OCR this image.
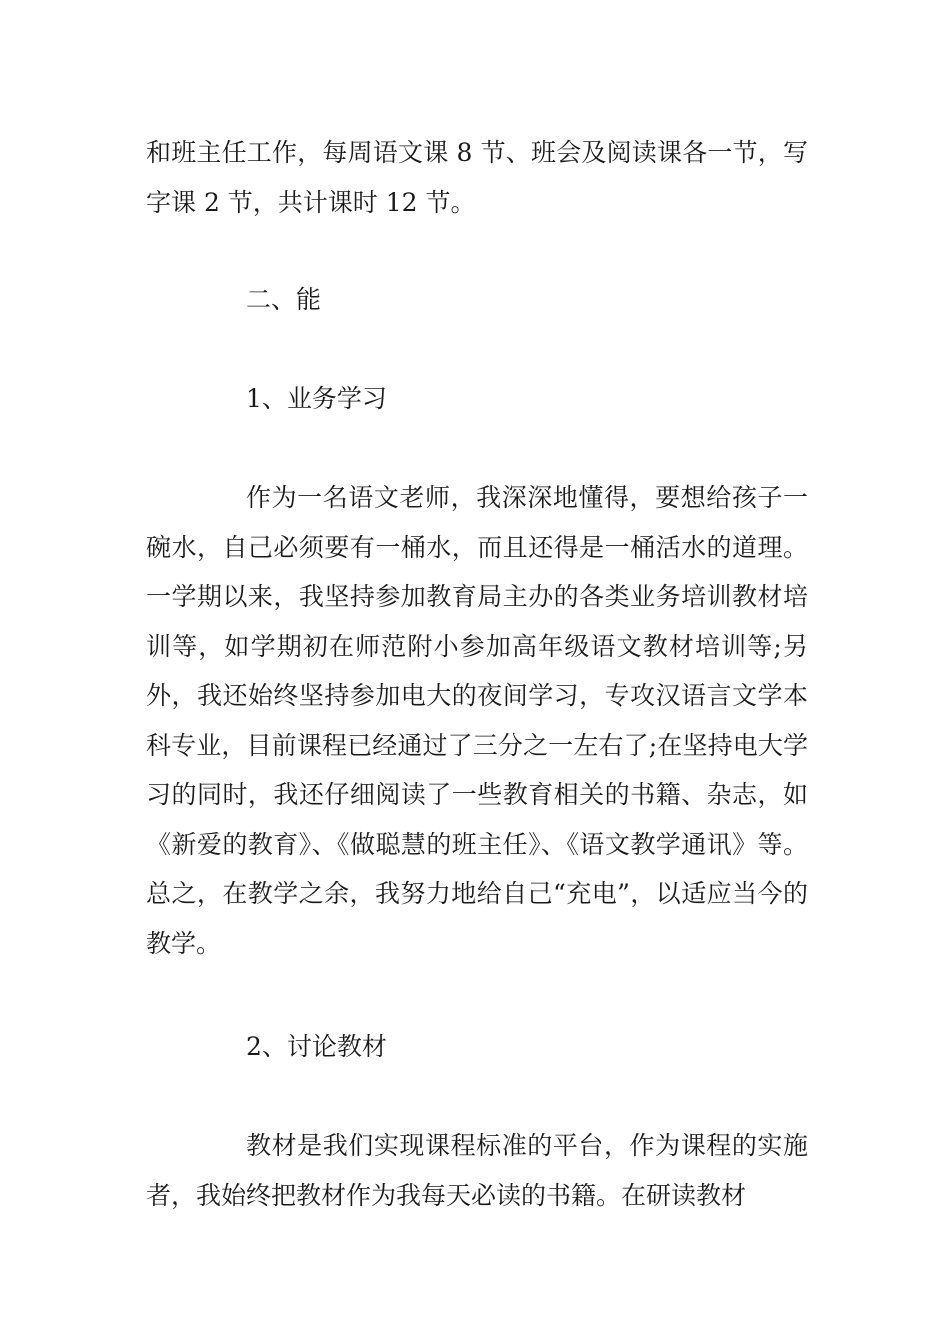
和班主任工作，每周语文课 8 节、班会及阅读课各一节，写字课 2 节，共计课时 12 节。

二、能

1、业务学习

作为一名语文老师，我深深地懂得，要想给孩子一碗水，自己必须要有一桶水，而且还得是一桶活水的道理。一学期以来，我坚持参加教育局主办的各类业务培训教材培训等，如学期初在师范附小参加高年级语文教材培训等;另外，我还始终坚持参加电大的夜间学习，专攻汉语言文学本科专业，目前课程已经通过了三分之一左右了;在坚持电大学习的同时，我还仔细阅读了一些教育相关的书籍、杂志，如《新爱的教育》、《做聪慧的班主任》、《语文教学通讯》等。总之，在教学之余，我努力地给自己“充电”，以适应当今的教学。

2、讨论教材

教材是我们实现课程标准的平台，作为课程的实施者，我始终把教材作为我每天必读的书籍。在研读教材
